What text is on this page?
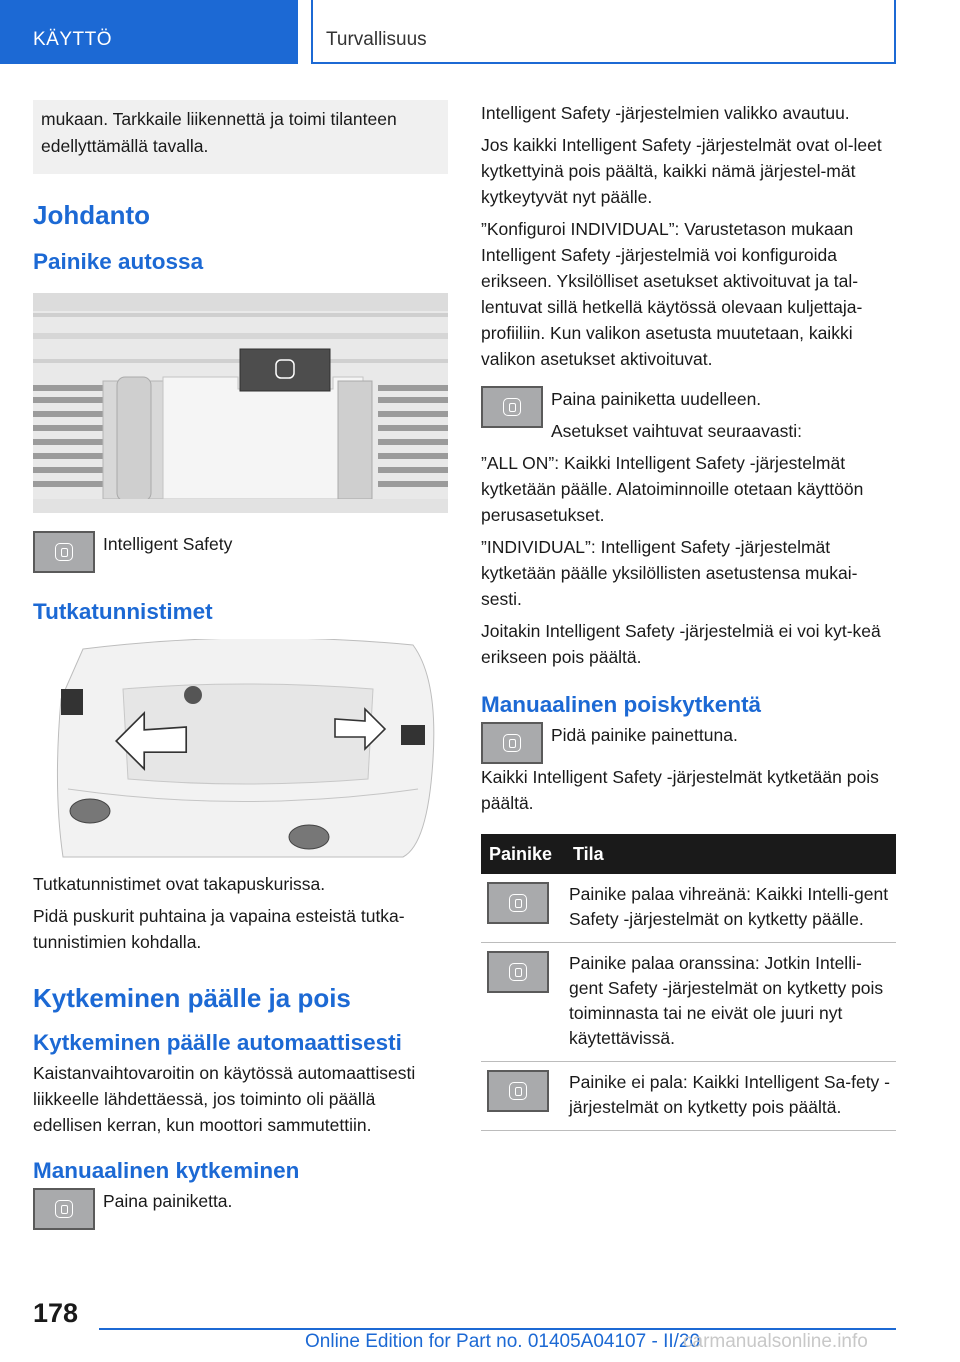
KÄYTTÖ	Turvallisuus
mukaan. Tarkkaile liikennettä ja toimi tilanteen edellyttämällä tavalla.
Johdanto
Painike autossa

Intelligent Safety

Tutkatunnistimet

Tutkatunnistimet ovat takapuskurissa.

Pidä puskurit puhtaina ja vapaina esteistä tutka-tunnistimien kohdalla.

Kytkeminen päälle ja pois
Kytkeminen päälle automaattisesti

Kaistanvaihtovaroitin on käytössä automaattisesti liikkeelle lähdettäessä, jos toiminto oli päällä edellisen kerran, kun moottori sammutettiin.

Manuaalinen kytkeminen

Paina painiketta.

Intelligent Safety -järjestelmien valikko avautuu.

Jos kaikki Intelligent Safety -järjestelmät ovat ol-leet kytkettyinä pois päältä, kaikki nämä järjestel-mät kytkeytyvät nyt päälle.

”Konfiguroi INDIVIDUAL”: Varustetason mukaan Intelligent Safety -järjestelmiä voi konfiguroida erikseen. Yksilölliset asetukset aktivoituvat ja tal-lentuvat sillä hetkellä käytössä olevaan kuljettaja-profiiliin. Kun valikon asetusta muutetaan, kaikki valikon asetukset aktivoituvat.

Paina painiketta uudelleen.

Asetukset vaihtuvat seuraavasti:

”ALL ON”: Kaikki Intelligent Safety -järjestelmät kytketään päälle. Alatoiminnoille otetaan käyttöön perusasetukset.

”INDIVIDUAL”: Intelligent Safety -järjestelmät kytketään päälle yksilöllisten asetustensa mukai-sesti.

Joitakin Intelligent Safety -järjestelmiä ei voi kyt-keä erikseen pois päältä.

Manuaalinen poiskytkentä

Pidä painike painettuna.

Kaikki Intelligent Safety -järjestelmät kytketään pois päältä.

Painike	Tila

	Painike palaa vihreänä: Kaikki Intelli-gent Safety -järjestelmät on kytketty päälle.

	Painike palaa oranssina: Jotkin Intelli-gent Safety -järjestelmät on kytketty pois toiminnasta tai ne eivät ole juuri nyt käytettävissä.

	Painike ei pala: Kaikki Intelligent Sa-fety -järjestelmät on kytketty pois päältä.
178
Online Edition for Part no. 01405A04107 - II/20
carmanualsonline.info
